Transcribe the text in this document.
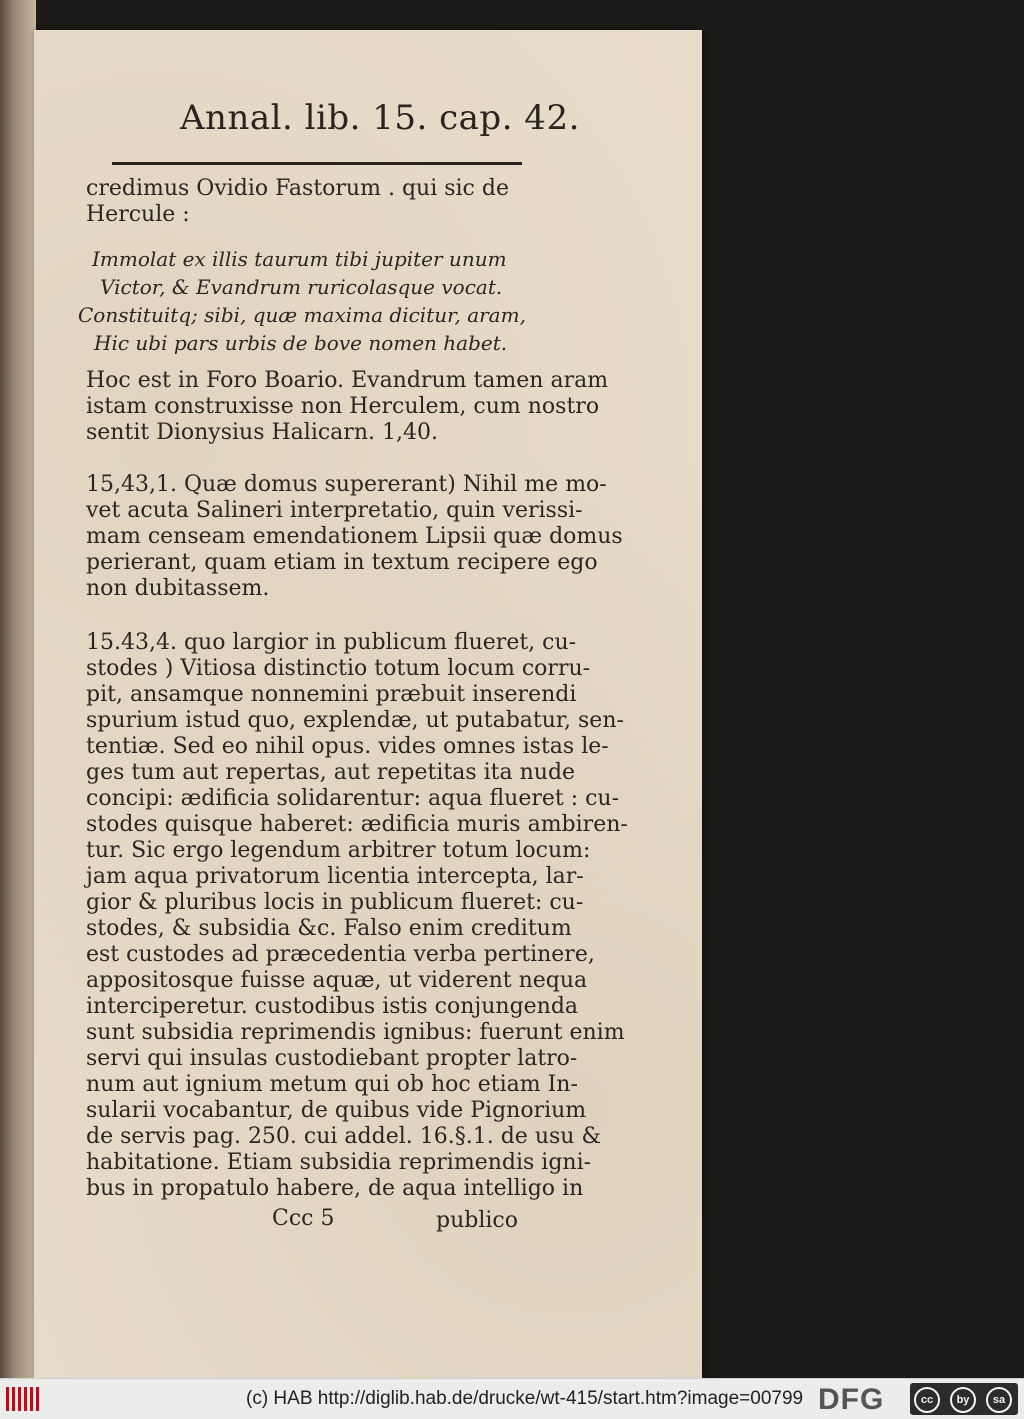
Annal. lib. 15. cap. 42.
credimus Ovidio Fastorum . qui sic de
Hercule :
Immolat ex illis taurum tibi jupiter unum
Victor, & Evandrum ruricolasque vocat.
Constituitq; sibi, quæ maxima dicitur, aram,
Hic ubi pars urbis de bove nomen habet.
Hoc est in Foro Boario. Evandrum tamen aram
istam construxisse non Herculem, cum nostro
sentit Dionysius Halicarn. 1,40.
15,43,1. Quæ domus supererant) Nihil me mo-
vet acuta Salineri interpretatio, quin verissi-
mam censeam emendationem Lipsii quæ domus
perierant, quam etiam in textum recipere ego
non dubitassem.
15.43,4. quo largior in publicum flueret, cu-
stodes ) Vitiosa distinctio totum locum corru-
pit, ansamque nonnemini præbuit inserendi
spurium istud quo, explendæ, ut putabatur, sen-
tentiæ. Sed eo nihil opus. vides omnes istas le-
ges tum aut repertas, aut repetitas ita nude
concipi: ædificia solidarentur: aqua flueret : cu-
stodes quisque haberet: ædificia muris ambiren-
tur. Sic ergo legendum arbitrer totum locum:
jam aqua privatorum licentia intercepta, lar-
gior & pluribus locis in publicum flueret: cu-
stodes, & subsidia &c. Falso enim creditum
est custodes ad præcedentia verba pertinere,
appositosque fuisse aquæ, ut viderent nequa
interciperetur. custodibus istis conjungenda
sunt subsidia reprimendis ignibus: fuerunt enim
servi qui insulas custodiebant propter latro-
num aut ignium metum qui ob hoc etiam In-
sularii vocabantur, de quibus vide Pignorium
de servis pag. 250. cui addel. 16.§.1. de usu &
habitatione. Etiam subsidia reprimendis igni-
bus in propatulo habere, de aqua intelligo in
Ccc 5	publico
(c) HAB http://diglib.hab.de/drucke/wt-415/start.htm?image=00799 DFG	cc	by	sa
